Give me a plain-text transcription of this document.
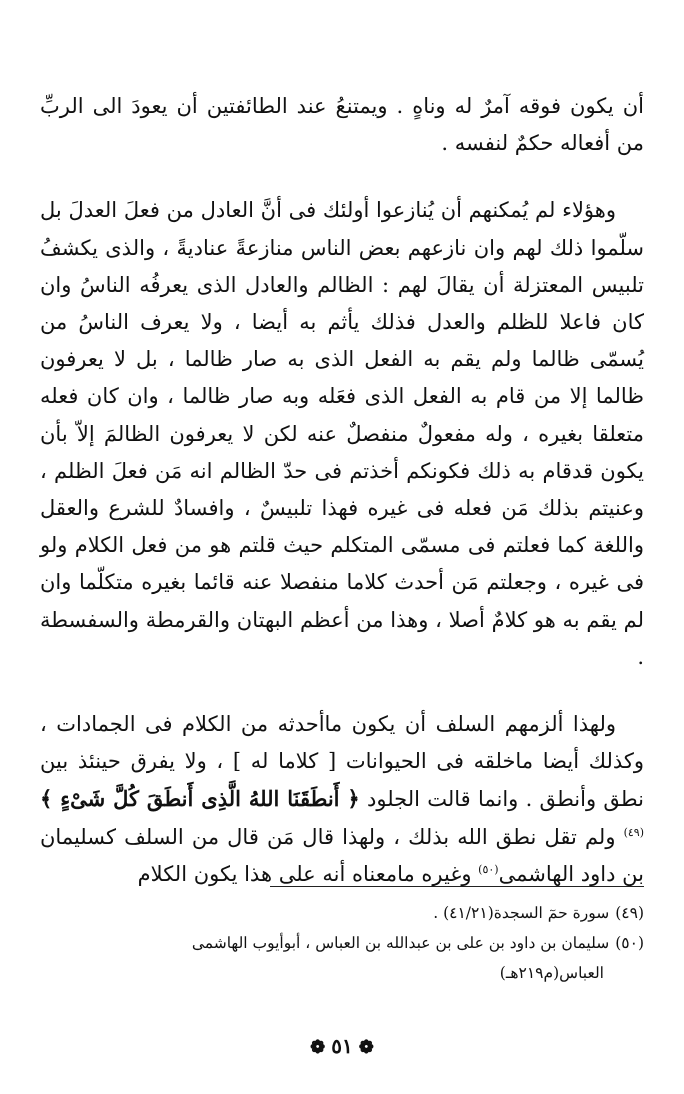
أن يكون فوقه آمرٌ له وناهٍ . ويمتنعُ عند الطائفتين أن يعودَ الى الربِّ من أفعاله حكمٌ لنفسه .

وهؤلاء لم يُمكنهم أن يُنازعوا أولئك فى أنَّ العادل من فعلَ العدلَ بل سلّموا ذلك لهم وان نازعهم بعض الناس منازعةً عناديةً ، والذى يكشفُ تلبيس المعتزلة أن يقالَ لهم : الظالم والعادل الذى يعرفُه الناسُ وان كان فاعلا للظلم والعدل فذلك يأثم به أيضا ، ولا يعرف الناسُ من يُسمّى ظالما ولم يقم به الفعل الذى به صار ظالما ، بل لا يعرفون ظالما إلا من قام به الفعل الذى فعَله وبه صار ظالما ، وان كان فعله متعلقا بغيره ، وله مفعولٌ منفصلٌ عنه لكن لا يعرفون الظالمَ إلاّ بأن يكون قدقام به ذلك فكونكم أخذتم فى حدّ الظالم انه مَن فعلَ الظلم ، وعنيتم بذلك مَن فعله فى غيره فهذا تلبيسٌ ، وافسادٌ للشرع والعقل واللغة كما فعلتم فى مسمّى المتكلم حيث قلتم هو من فعل الكلام ولو فى غيره ، وجعلتم مَن أحدث كلاما منفصلا عنه قائما بغيره متكلّما وان لم يقم به هو كلامٌ أصلا ، وهذا من أعظم البهتان والقرمطة والسفسطة .

ولهذا ألزمهم السلف أن يكون ماأحدثه من الكلام فى الجمادات ، وكذلك أيضا ماخلقه فى الحيوانات [ كلاما له ] ، ولا يفرق حينئذ بين نطق وأنطق . وانما قالت الجلود ﴿ أَنطَقَنَا اللهُ الَّذِى أَنطَقَ كُلَّ شَىْءٍ ﴾$^{(٤٩)}$ ولم تقل نطق الله بذلك ، ولهذا قال مَن قال من السلف كسليمان بن داود الهاشمى$^{(٥٠)}$ وغيره مامعناه أنه على هذا يكون الكلام

(٤٩)سورة حمٓ السجدة(٤١/٢١) .

(٥٠)سليمان بن داود بن على بن عبدالله بن العباس ، أبوأيوب الهاشمى

العباس(م٢١٩هـ)

❁٥١❁
